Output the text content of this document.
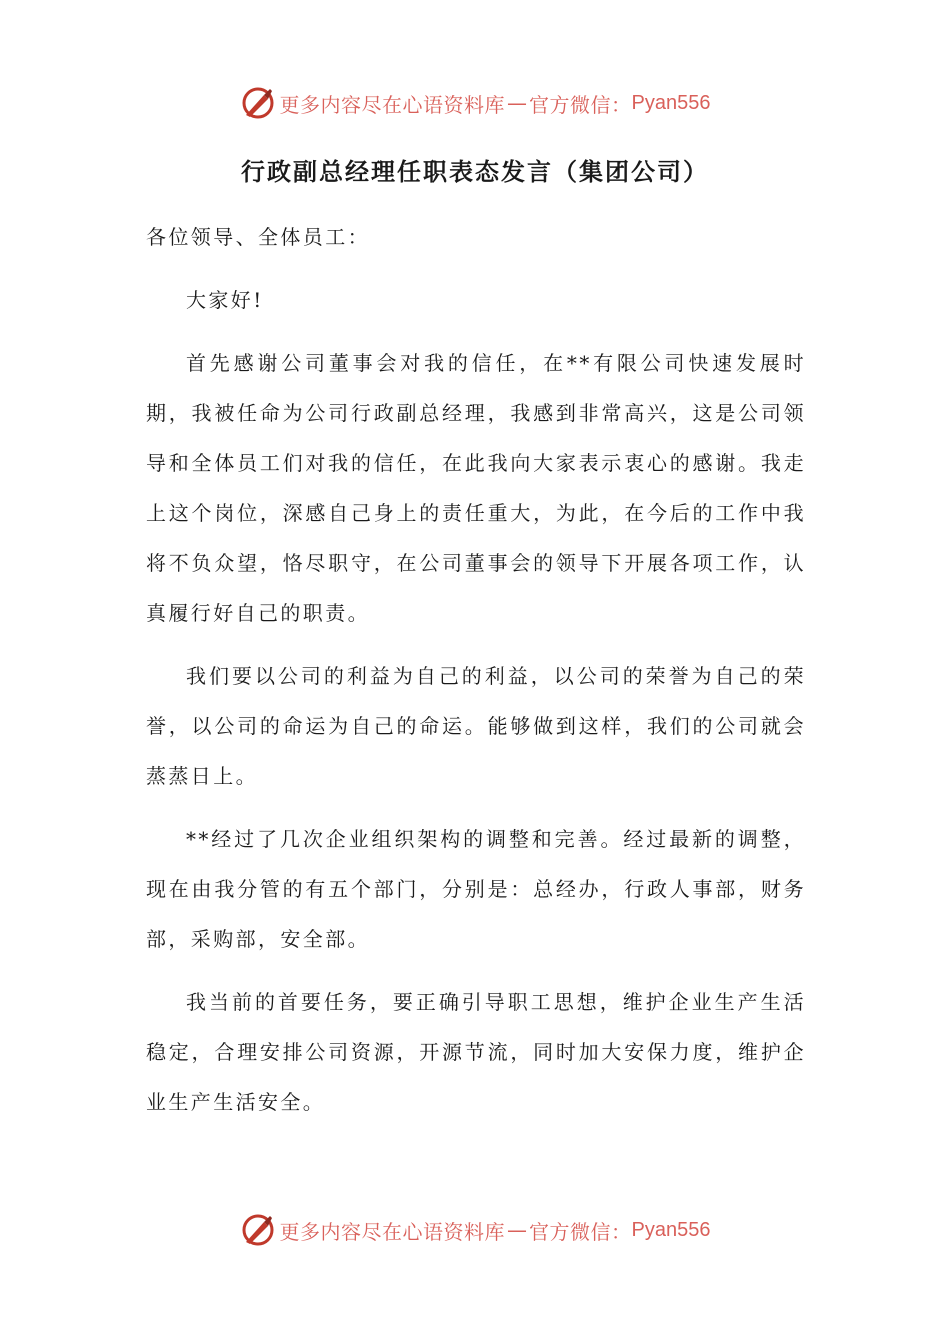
更多内容尽在心语资料库 — 官方微信： Pyan556
行政副总经理任职表态发言（集团公司）

各位领导、全体员工：

大家好!

首先感谢公司董事会对我的信任，在**有限公司快速发展时期，我被任命为公司行政副总经理，我感到非常高兴，这是公司领导和全体员工们对我的信任，在此我向大家表示衷心的感谢。我走上这个岗位，深感自己身上的责任重大，为此，在今后的工作中我将不负众望，恪尽职守，在公司董事会的领导下开展各项工作，认真履行好自己的职责。

我们要以公司的利益为自己的利益，以公司的荣誉为自己的荣誉，以公司的命运为自己的命运。能够做到这样，我们的公司就会蒸蒸日上。

**经过了几次企业组织架构的调整和完善。经过最新的调整，现在由我分管的有五个部门，分别是：总经办，行政人事部，财务部，采购部，安全部。

我当前的首要任务，要正确引导职工思想，维护企业生产生活稳定，合理安排公司资源，开源节流，同时加大安保力度，维护企业生产生活安全。

更多内容尽在心语资料库 — 官方微信： Pyan556
